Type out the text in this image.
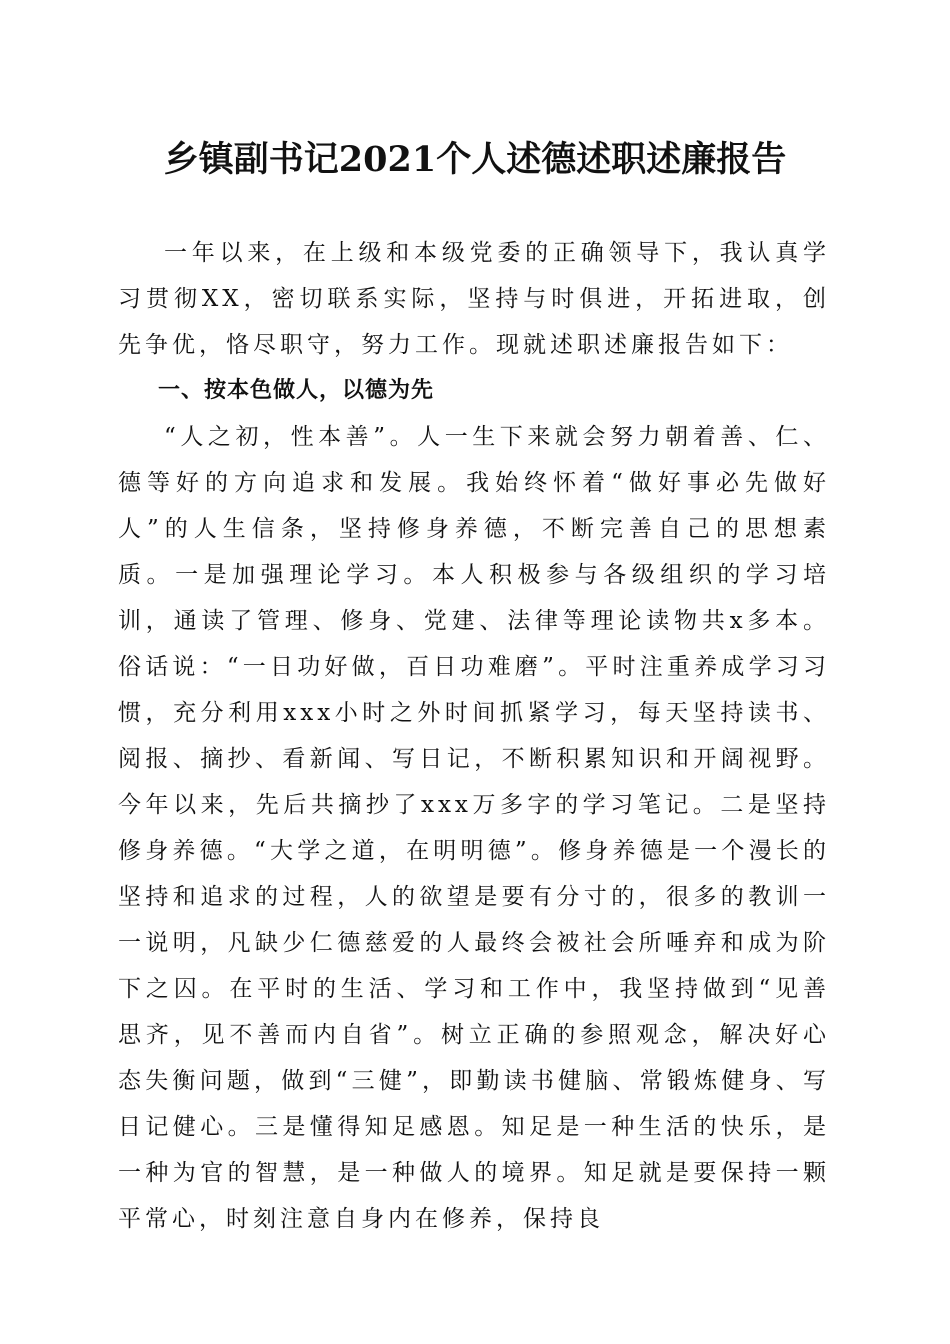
乡镇副书记2021个人述德述职述廉报告

一年以来，在上级和本级党委的正确领导下，我认真学习贯彻XX，密切联系实际，坚持与时俱进，开拓进取，创先争优，恪尽职守，努力工作。现就述职述廉报告如下：

一、按本色做人，以德为先

“人之初，性本善”。人一生下来就会努力朝着善、仁、德等好的方向追求和发展。我始终怀着“做好事必先做好人”的人生信条，坚持修身养德，不断完善自己的思想素质。一是加强理论学习。本人积极参与各级组织的学习培训，通读了管理、修身、党建、法律等理论读物共x多本。俗话说：“一日功好做，百日功难磨”。平时注重养成学习习惯，充分利用xxx小时之外时间抓紧学习，每天坚持读书、阅报、摘抄、看新闻、写日记，不断积累知识和开阔视野。今年以来，先后共摘抄了xxx万多字的学习笔记。二是坚持修身养德。“大学之道，在明明德”。修身养德是一个漫长的坚持和追求的过程，人的欲望是要有分寸的，很多的教训一一说明，凡缺少仁德慈爱的人最终会被社会所唾弃和成为阶下之囚。在平时的生活、学习和工作中，我坚持做到“见善思齐，见不善而内自省”。树立正确的参照观念，解决好心态失衡问题，做到“三健”，即勤读书健脑、常锻炼健身、写日记健心。三是懂得知足感恩。知足是一种生活的快乐，是一种为官的智慧，是一种做人的境界。知足就是要保持一颗平常心，时刻注意自身内在修养，保持良
